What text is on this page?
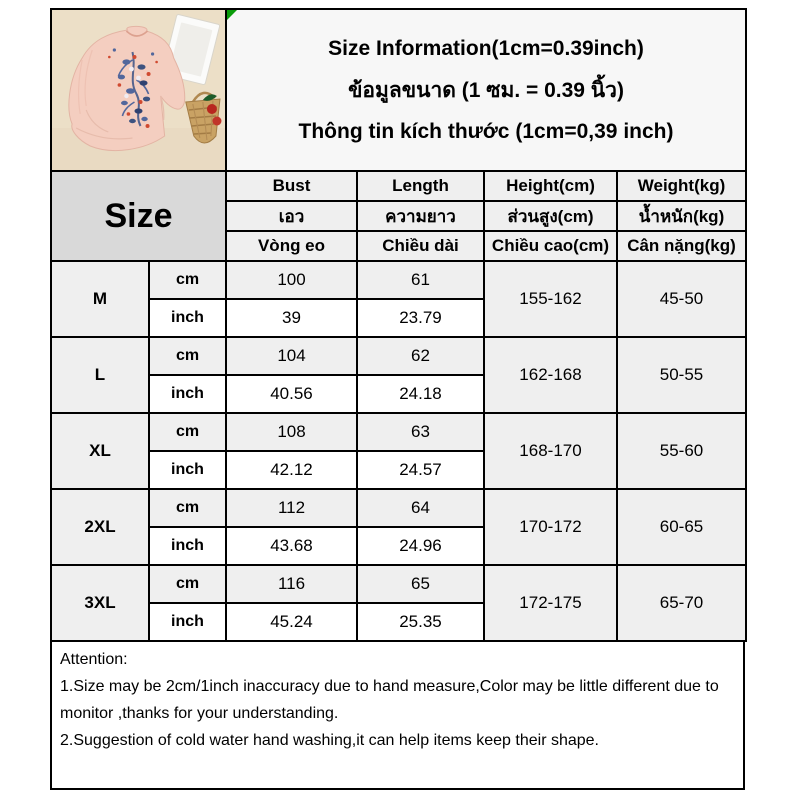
Size Information(1cm=0.39inch)
ข้อมูลขนาด (1 ซม. = 0.39 นิ้ว)
Thông tin kích thước (1cm=0,39 inch)			

Size		Bust	Length	Height(cm)	Weight(kg)
		เอว	ความยาว	ส่วนสูง(cm)	น้ำหนัก(kg)
		Vòng eo	Chiều dài	Chiều cao(cm)	Cân nặng(kg)
M	cm	100	61	155-162	45-50
	inch	39	23.79		
L	cm	104	62	162-168	50-55
	inch	40.56	24.18		
XL	cm	108	63	168-170	55-60
	inch	42.12	24.57		
2XL	cm	112	64	170-172	60-65
	inch	43.68	24.96		
3XL	cm	116	65	172-175	65-70
	inch	45.24	25.35		
Attention:
1.Size may be 2cm/1inch inaccuracy due to hand measure,Color may be little different due to monitor ,thanks for your understanding.
2.Suggestion of cold water hand washing,it can help items keep their shape.
